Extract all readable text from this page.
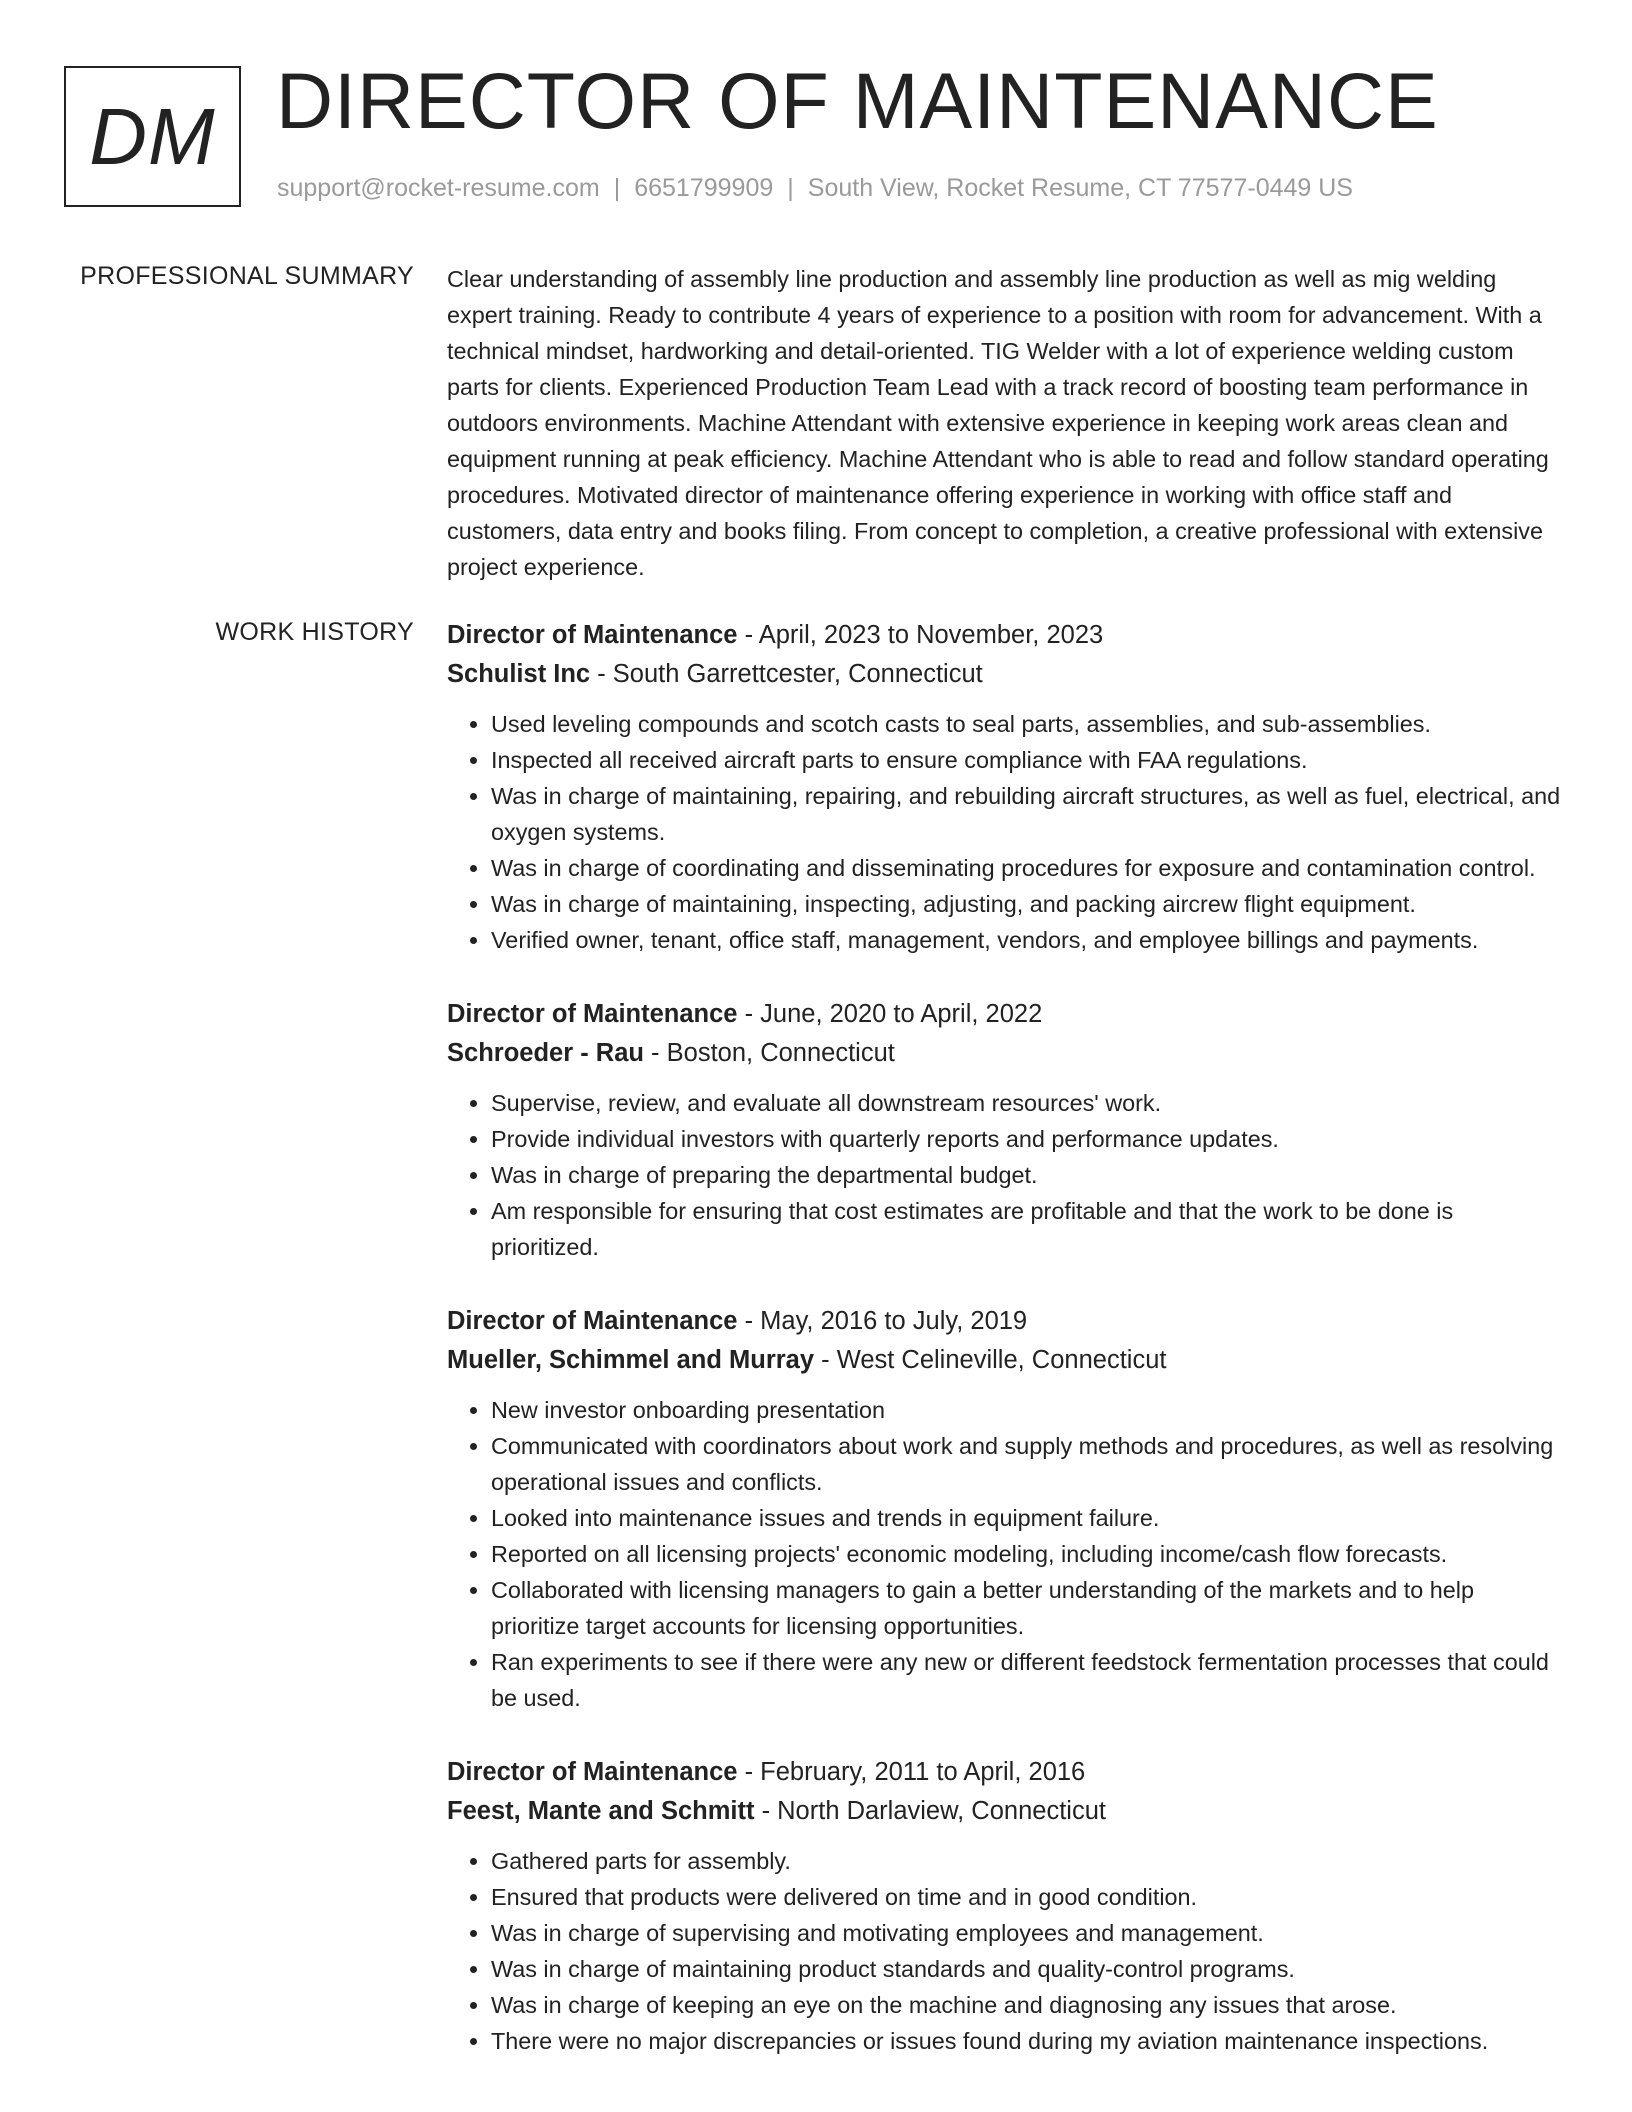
DM DIRECTOR OF MAINTENANCE
support@rocket-resume.com | 6651799909 | South View, Rocket Resume, CT 77577-0449 US
PROFESSIONAL SUMMARY Clear understanding of assembly line production and assembly line production as well as mig welding expert training. Ready to contribute 4 years of experience to a position with room for advancement. With a technical mindset, hardworking and detail-oriented. TIG Welder with a lot of experience welding custom parts for clients. Experienced Production Team Lead with a track record of boosting team performance in outdoors environments. Machine Attendant with extensive experience in keeping work areas clean and equipment running at peak efficiency. Machine Attendant who is able to read and follow standard operating procedures. Motivated director of maintenance offering experience in working with office staff and customers, data entry and books filing. From concept to completion, a creative professional with extensive project experience.
WORK HISTORY Director of Maintenance - April, 2023 to November, 2023
Schulist Inc - South Garrettcester, Connecticut
• Used leveling compounds and scotch casts to seal parts, assemblies, and sub-assemblies.
• Inspected all received aircraft parts to ensure compliance with FAA regulations.
• Was in charge of maintaining, repairing, and rebuilding aircraft structures, as well as fuel, electrical, and oxygen systems.
• Was in charge of coordinating and disseminating procedures for exposure and contamination control.
• Was in charge of maintaining, inspecting, adjusting, and packing aircrew flight equipment.
• Verified owner, tenant, office staff, management, vendors, and employee billings and payments.
Director of Maintenance - June, 2020 to April, 2022
Schroeder - Rau - Boston, Connecticut
• Supervise, review, and evaluate all downstream resources' work.
• Provide individual investors with quarterly reports and performance updates.
• Was in charge of preparing the departmental budget.
• Am responsible for ensuring that cost estimates are profitable and that the work to be done is prioritized.
Director of Maintenance - May, 2016 to July, 2019
Mueller, Schimmel and Murray - West Celineville, Connecticut
• New investor onboarding presentation
• Communicated with coordinators about work and supply methods and procedures, as well as resolving operational issues and conflicts.
• Looked into maintenance issues and trends in equipment failure.
• Reported on all licensing projects' economic modeling, including income/cash flow forecasts.
• Collaborated with licensing managers to gain a better understanding of the markets and to help prioritize target accounts for licensing opportunities.
• Ran experiments to see if there were any new or different feedstock fermentation processes that could be used.
Director of Maintenance - February, 2011 to April, 2016
Feest, Mante and Schmitt - North Darlaview, Connecticut
• Gathered parts for assembly.
• Ensured that products were delivered on time and in good condition.
• Was in charge of supervising and motivating employees and management.
• Was in charge of maintaining product standards and quality-control programs.
• Was in charge of keeping an eye on the machine and diagnosing any issues that arose.
• There were no major discrepancies or issues found during my aviation maintenance inspections.
